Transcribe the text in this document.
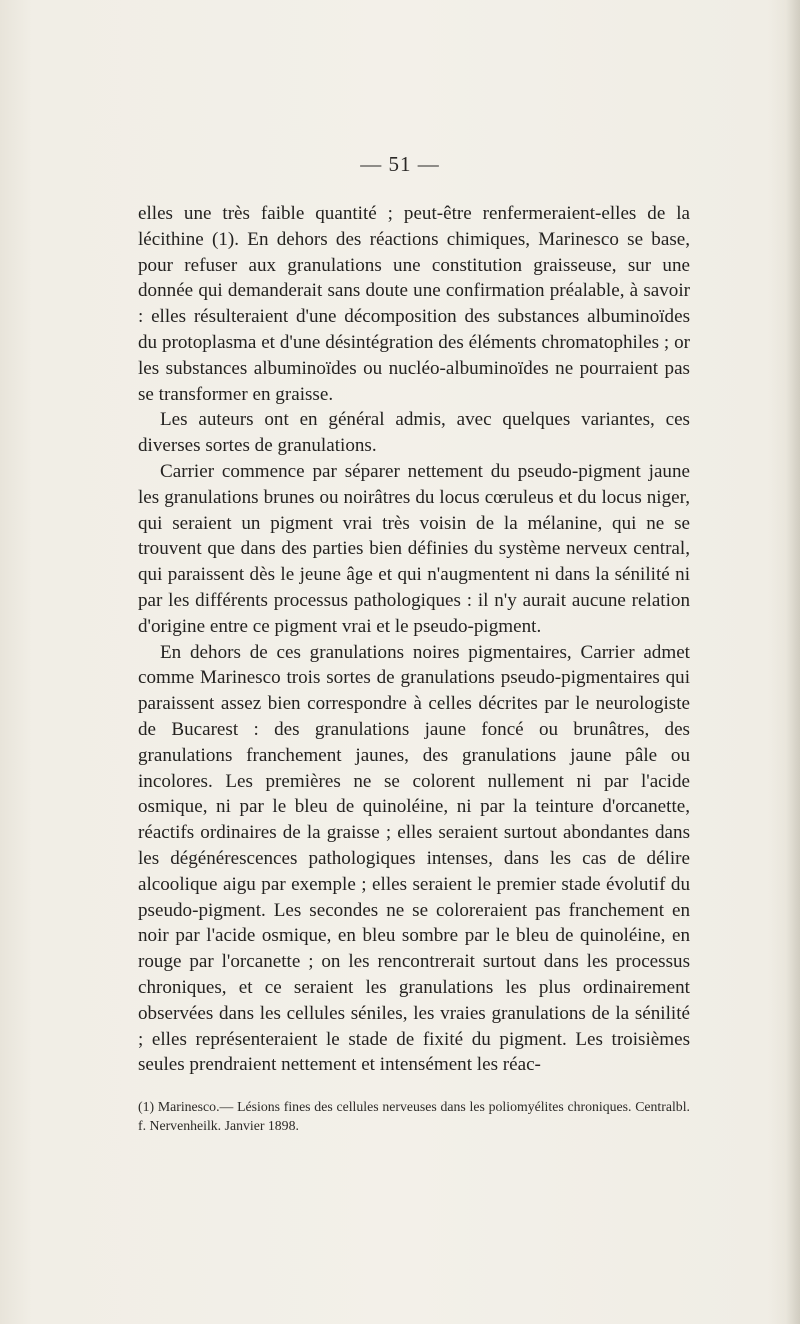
— 51 —

elles une très faible quantité ; peut-être renfermeraient-elles de la lécithine (1). En dehors des réactions chimiques, Marinesco se base, pour refuser aux granulations une constitution graisseuse, sur une donnée qui demanderait sans doute une confirmation préalable, à savoir : elles résulteraient d'une décomposition des substances albuminoïdes du protoplasma et d'une désintégration des éléments chromatophiles ; or les substances albuminoïdes ou nucléo-albuminoïdes ne pourraient pas se transformer en graisse.

Les auteurs ont en général admis, avec quelques variantes, ces diverses sortes de granulations.

Carrier commence par séparer nettement du pseudo-pigment jaune les granulations brunes ou noirâtres du locus cœruleus et du locus niger, qui seraient un pigment vrai très voisin de la mélanine, qui ne se trouvent que dans des parties bien définies du système nerveux central, qui paraissent dès le jeune âge et qui n'augmentent ni dans la sénilité ni par les différents processus pathologiques : il n'y aurait aucune relation d'origine entre ce pigment vrai et le pseudo-pigment.

En dehors de ces granulations noires pigmentaires, Carrier admet comme Marinesco trois sortes de granulations pseudo-pigmentaires qui paraissent assez bien correspondre à celles décrites par le neurologiste de Bucarest : des granulations jaune foncé ou brunâtres, des granulations franchement jaunes, des granulations jaune pâle ou incolores. Les premières ne se colorent nullement ni par l'acide osmique, ni par le bleu de quinoléine, ni par la teinture d'orcanette, réactifs ordinaires de la graisse ; elles seraient surtout abondantes dans les dégénérescences pathologiques intenses, dans les cas de délire alcoolique aigu par exemple ; elles seraient le premier stade évolutif du pseudo-pigment. Les secondes ne se coloreraient pas franchement en noir par l'acide osmique, en bleu sombre par le bleu de quinoléine, en rouge par l'orcanette ; on les rencontrerait surtout dans les processus chroniques, et ce seraient les granulations les plus ordinairement observées dans les cellules séniles, les vraies granulations de la sénilité ; elles représenteraient le stade de fixité du pigment. Les troisièmes seules prendraient nettement et intensément les réac-

(1) Marinesco.— Lésions fines des cellules nerveuses dans les poliomyélites chroniques. Centralbl. f. Nervenheilk. Janvier 1898.
